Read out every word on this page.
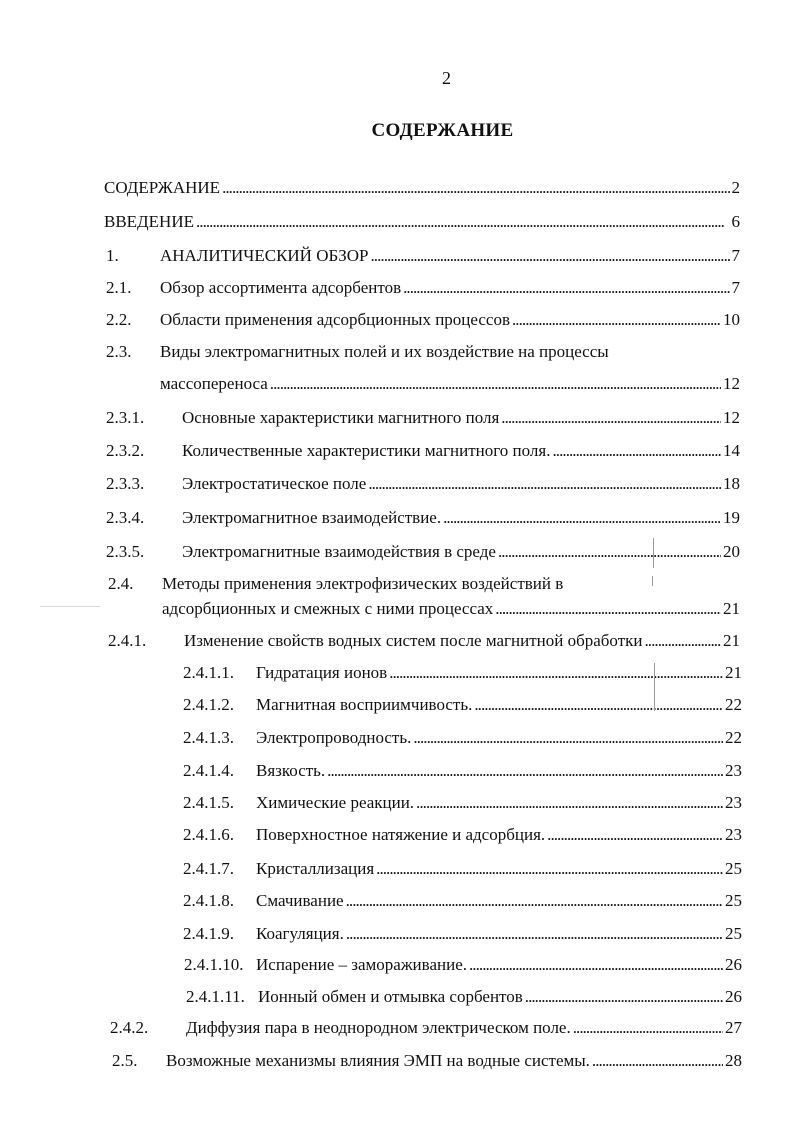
2
СОДЕРЖАНИЕ
СОДЕРЖАНИЕ . . .	2
ВВЕДЕНИЕ . . .	6
1.	АНАЛИТИЧЕСКИЙ ОБЗОР . . .	7
2.1.	Обзор ассортимента адсорбентов . . .	7
2.2.	Области применения адсорбционных процессов . . .	10
2.3.	Виды электромагнитных полей и их воздействие на процессы
массопереноса . . .	12
2.3.1.	Основные характеристики магнитного поля . . .	12
2.3.2.	Количественные характеристики магнитного поля. . . .	14
2.3.3.	Электростатическое поле . . .	18
2.3.4.	Электромагнитное взаимодействие. . . .	19
2.3.5.	Электромагнитные взаимодействия в среде . . .	20
2.4.	Методы применения электрофизических воздействий в
адсорбционных и смежных с ними процессах . . .	21
2.4.1.	Изменение свойств водных систем после магнитной обработки . . .	21
2.4.1.1.	Гидратация ионов . . .	21
2.4.1.2.	Магнитная восприимчивость. . . .	22
2.4.1.3.	Электропроводность. . . .	22
2.4.1.4.	Вязкость. . . .	23
2.4.1.5.	Химические реакции. . . .	23
2.4.1.6.	Поверхностное натяжение и адсорбция. . . .	23
2.4.1.7.	Кристаллизация . . .	25
2.4.1.8.	Смачивание . . .	25
2.4.1.9.	Коагуляция. . . .	25
2.4.1.10. Испарение – замораживание. . . .	26
2.4.1.11. Ионный обмен и отмывка сорбентов . . .	26
2.4.2.	Диффузия пара в неоднородном электрическом поле. . . .	27
2.5.	Возможные механизмы влияния ЭМП на водные системы. . . .	28
